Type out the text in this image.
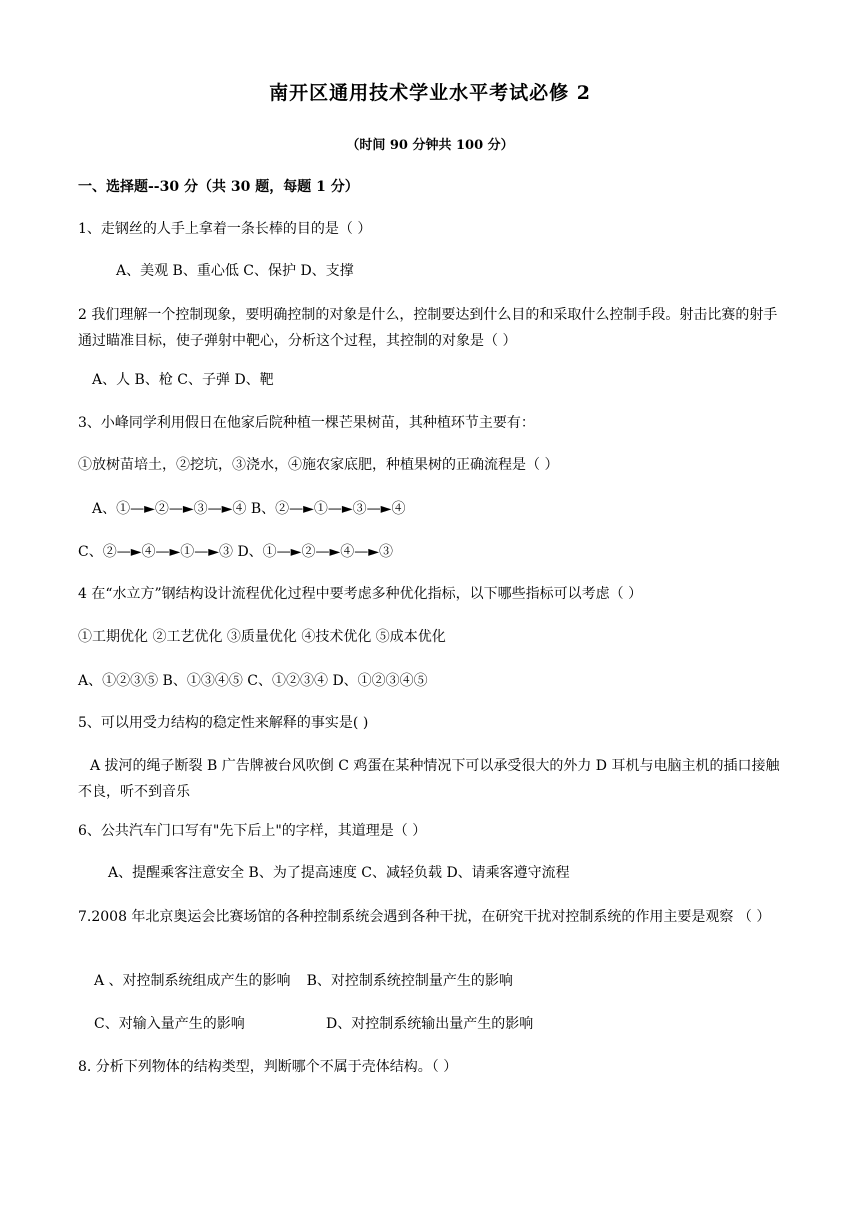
南开区通用技术学业水平考试必修 2
（时间 90 分钟共 100 分）
一、选择题--30 分（共 30 题，每题 1 分）
1、走钢丝的人手上拿着一条长棒的目的是（ ）
A、美观 B、重心低 C、保护 D、支撑
2 我们理解一个控制现象，要明确控制的对象是什么，控制要达到什么目的和采取什么控制手段。射击比赛的射手通过瞄准目标，使子弹射中靶心，分析这个过程，其控制的对象是（ ）
A、人 B、枪 C、子弹 D、靶
3、小峰同学利用假日在他家后院种植一棵芒果树苗，其种植环节主要有：
①放树苗培土，②挖坑，③浇水，④施农家底肥，种植果树的正确流程是（ ）
A、①—►②—►③—►④ B、②—►①—►③—►④
C、②—►④—►①—►③ D、①—►②—►④—►③
4 在“水立方”钢结构设计流程优化过程中要考虑多种优化指标，以下哪些指标可以考虑（ ）
①工期优化 ②工艺优化 ③质量优化 ④技术优化 ⑤成本优化
A、①②③⑤ B、①③④⑤ C、①②③④ D、①②③④⑤
5、可以用受力结构的稳定性来解释的事实是( )
A 拔河的绳子断裂 B 广告牌被台风吹倒 C 鸡蛋在某种情况下可以承受很大的外力 D 耳机与电脑主机的插口接触不良，听不到音乐
6、公共汽车门口写有"先下后上"的字样，其道理是（ ）
A、提醒乘客注意安全 B、为了提高速度 C、减轻负载 D、请乘客遵守流程
7.2008 年北京奥运会比赛场馆的各种控制系统会遇到各种干扰，在研究干扰对控制系统的作用主要是观察 （ ）
A 、对控制系统组成产生的影响 B、对控制系统控制量产生的影响
C、对输入量产生的影响	D、对控制系统输出量产生的影响
8. 分析下列物体的结构类型，判断哪个不属于壳体结构。（ ）
